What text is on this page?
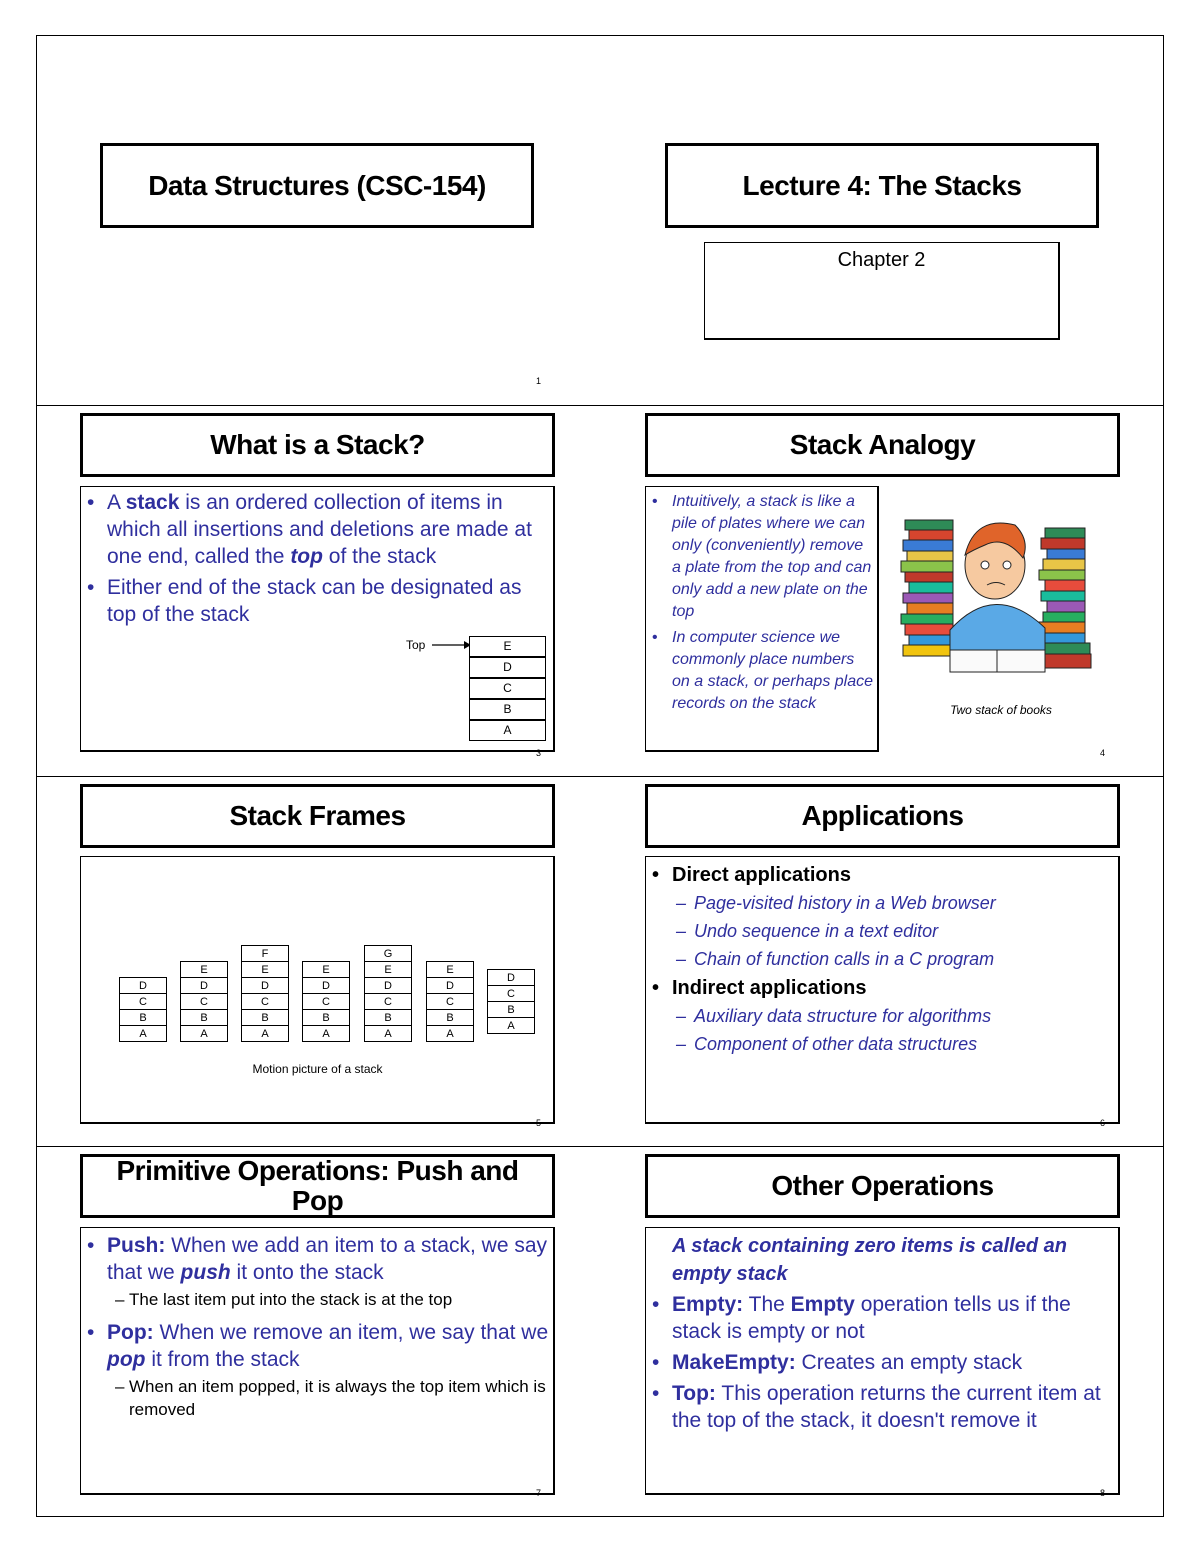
Data Structures (CSC-154)	Lecture 4: The Stacks
Chapter 2
1
What is a Stack?
• A stack is an ordered collection of items in which all insertions and deletions are made at one end, called the top of the stack
• Either end of the stack can be designated as top of the stack
Top	E
D
C
B
A
3
Stack Analogy
• Intuitively, a stack is like a pile of plates where we can only (conveniently) remove a plate from the top and can only add a new plate on the top
• In computer science we commonly place numbers on a stack, or perhaps place records on the stack	Two stack of books
4
Stack Frames
D
C
B
A
E
D
C
B
A
F
E
D
C
B
A
E
D
C
B
A
G
E
D
C
B
A
E
D
C
B
A
D
C
B
A
Motion picture of a stack
5
Applications
• Direct applications
– Page-visited history in a Web browser
– Undo sequence in a text editor
– Chain of function calls in a C program
• Indirect applications
– Auxiliary data structure for algorithms
– Component of other data structures
6
Primitive Operations: Push and Pop
• Push: When we add an item to a stack, we say that we push it onto the stack
– The last item put into the stack is at the top
• Pop: When we remove an item, we say that we pop it from the stack
– When an item popped, it is always the top item which is removed
7
Other Operations
A stack containing zero items is called an empty stack
• Empty: The Empty operation tells us if the stack is empty or not
• MakeEmpty: Creates an empty stack
• Top: This operation returns the current item at the top of the stack, it doesn't remove it
8
